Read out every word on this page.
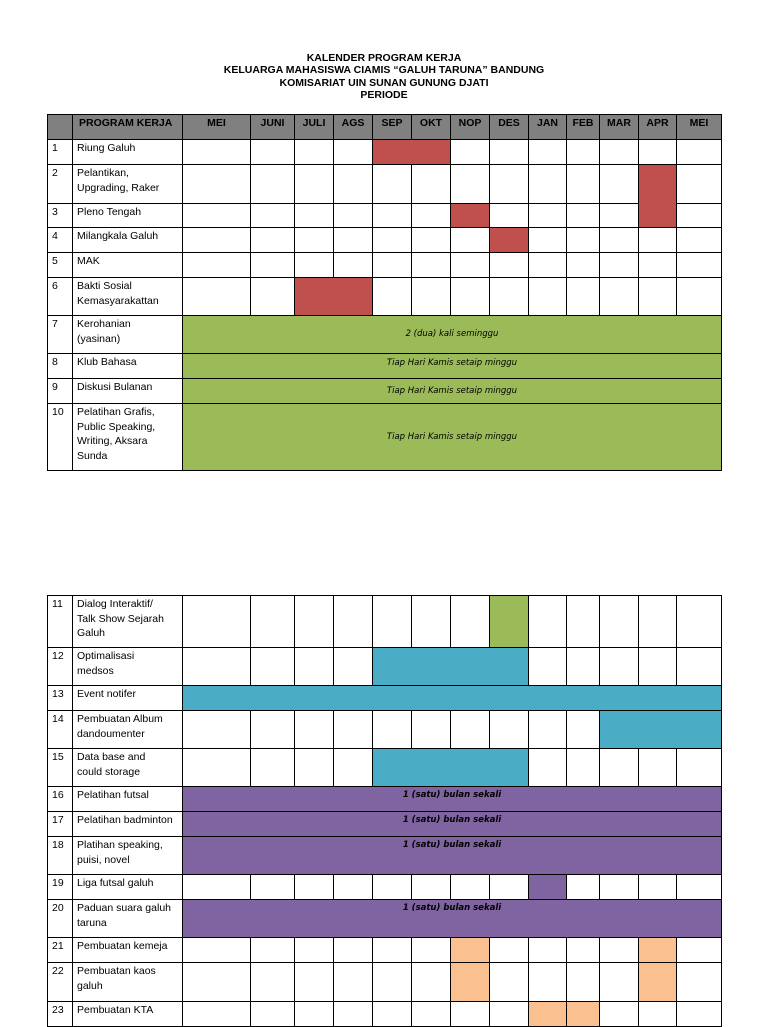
KALENDER PROGRAM KERJA
KELUARGA MAHASISWA CIAMIS “GALUH TARUNA” BANDUNG
KOMISARIAT UIN SUNAN GUNUNG DJATI
PERIODE
	PROGRAM KERJA	MEI	JUNI	JULI	AGS	SEP	OKT	NOP	DES	JAN	FEB	MAR	APR	MEI
1	Riung Galuh													

2	Pelantikan,
Upgrading, Raker													

3	Pleno Tengah													

4	Milangkala Galuh													

5	MAK													

6	Bakti Sosial
Kemasyarakattan													

7	Kerohanian
(yasinan)	2 (dua) kali seminggu												
8	Klub Bahasa	Tiap Hari Kamis setaip minggu												
9	Diskusi Bulanan	Tiap Hari Kamis setaip minggu												
10	Pelatihan Grafis,
Public Speaking,
Writing, Aksara
Sunda	Tiap Hari Kamis setaip minggu												
11	Dialog Interaktif/
Talk Show Sejarah
Galuh													

12	Optimalisasi
medsos													

13	Event notifer													

14	Pembuatan Album
dandoumenter													

15	Data base and
could storage													

16	Pelatihan futsal	1 (satu) bulan sekali												
17	Pelatihan badminton	1 (satu) bulan sekali												
18	Platihan speaking,
puisi, novel	1 (satu) bulan sekali												
19	Liga futsal galuh													

20	Paduan suara galuh
taruna	1 (satu) bulan sekali												
21	Pembuatan kemeja													

22	Pembuatan kaos
galuh													

23	Pembuatan KTA													
